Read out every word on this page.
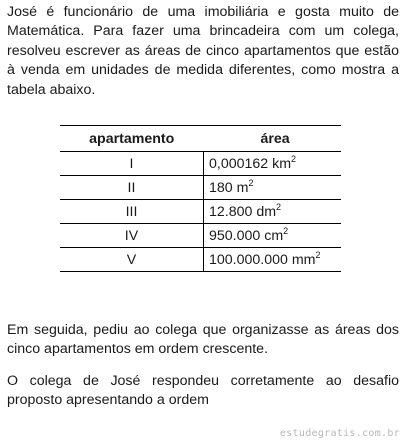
José é funcionário de uma imobiliária e gosta muito de Matemática. Para fazer uma brincadeira com um colega, resolveu escrever as áreas de cinco apartamentos que estão à venda em unidades de medida diferentes, como mostra a tabela abaixo.

apartamento	área
I	0,000162 $km^2$
II	180 $m^2$
III	12.800 $dm^2$
IV	950.000 $cm^2$
V	100.000.000 $mm^2$

Em seguida, pediu ao colega que organizasse as áreas dos cinco apartamentos em ordem crescente.

O colega de José respondeu corretamente ao desafio proposto apresentando a ordem

estudegratis.com.br
